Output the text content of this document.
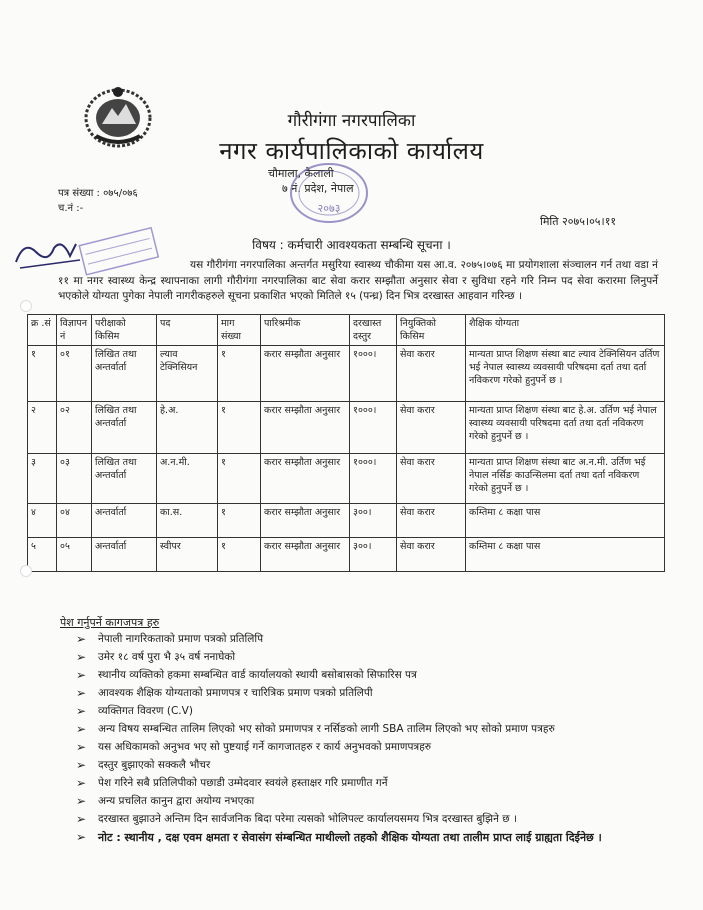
गौरीगंगा नगरपालिका
नगर कार्यपालिकाको कार्यालय
चौमाला, कैलाली
७ नं. प्रदेश, नेपाल
२०७३
पत्र संख्या : ०७५/०७६
च.नं :-
मिति २०७५।०५।११
विषय : कर्मचारी आवश्यकता सम्बन्धि सूचना ।
यस गौरीगंगा नगरपालिका अन्तर्गत मसुरिया स्वास्थ्य चौकीमा यस आ.व. २०७५।०७६ मा प्रयोगशाला संञ्चालन गर्न तथा वडा नं ११ मा नगर स्वास्थ्य केन्द्र स्थापनाका लागी गौरीगंगा नगरपालिका बाट सेवा करार सम्झौता अनुसार सेवा र सुविधा रहने गरि निम्न पद सेवा करारमा लिनुपर्ने भएकोले योग्यता पुगेका नेपाली नागरीकहरुले सूचना प्रकाशित भएको मितिले १५ (पन्ध्र) दिन भित्र दरखास्त आहवान गरिन्छ ।
क्र .सं	विज्ञापन नं	परीक्षाको किसिम	पद	माग संख्या	पारिश्रमीक	दरखास्त दस्तुर	नियुक्तिको किसिम	शैक्षिक योग्यता
१	०१	लिखित तथा अन्तर्वार्ता	ल्याव टेक्निसियन	१	करार सम्झौता अनुसार	१०००।	सेवा करार	मान्यता प्राप्त शिक्षण संस्था बाट ल्याव टेक्निसियन उर्तिण भई नेपाल स्वास्थ्य व्यवसायी परिषदमा दर्ता तथा दर्ता नविकरण गरेको हुनुपर्ने छ ।
२	०२	लिखित तथा अन्तर्वार्ता	हे.अ.	१	करार सम्झौता अनुसार	१०००।	सेवा करार	मान्यता प्राप्त शिक्षण संस्था बाट हे.अ. उर्तिण भई नेपाल स्वास्थ्य व्यवसायी परिषदमा दर्ता तथा दर्ता नविकरण गरेको हुनुपर्ने छ ।
३	०३	लिखित तथा अन्तर्वार्ता	अ.न.मी.	१	करार सम्झौता अनुसार	१०००।	सेवा करार	मान्यता प्राप्त शिक्षण संस्था बाट अ.न.मी. उर्तिण भई नेपाल नर्सिङ काउन्सिलमा दर्ता तथा दर्ता नविकरण गरेको हुनुपर्ने छ ।
४	०४	अन्तर्वार्ता	का.स.	१	करार सम्झौता अनुसार	३००।	सेवा करार	कम्तिमा ८ कक्षा पास
५	०५	अन्तर्वार्ता	स्वीपर	१	करार सम्झौता अनुसार	३००।	सेवा करार	कम्तिमा ८ कक्षा पास
पेश गर्नुपर्ने कागजपत्र हरु
➢ नेपाली नागरिकताको प्रमाण पत्रको प्रतिलिपि
➢ उमेर १८ वर्ष पुरा भै ३५ वर्ष ननाघेको
➢ स्थानीय व्यक्तिको हकमा सम्बन्धित वार्ड कार्यालयको स्थायी बसोबासको सिफारिस पत्र
➢ आवश्यक शैक्षिक योग्यताको प्रमाणपत्र र चारित्रिक प्रमाण पत्रको प्रतिलिपी
➢ व्यक्तिगत विवरण (C.V)
➢ अन्य विषय सम्बन्धित तालिम लिएको भए सोको प्रमाणपत्र र नर्सिङको लागी SBA तालिम लिएको भए सोको प्रमाण पत्रहरु
➢ यस अधिकामको अनुभव भए सो पुष्टयाई गर्ने कागजातहरु र कार्य अनुभवको प्रमाणपत्रहरु
➢ दस्तुर बुझाएको सक्कलै भौचर
➢ पेश गरिने सबै प्रतिलिपीको पछाडी उम्मेदवार स्वयंले हस्ताक्षर गरि प्रमाणीत गर्ने
➢ अन्य प्रचलित कानुन द्वारा अयोग्य नभएका
➢ दरखास्त बुझाउने अन्तिम दिन सार्वजनिक बिदा परेमा त्यसको भोलिपल्ट कार्यालयसमय भित्र दरखास्त बुझिने छ ।
➢ नोट : स्थानीय , दक्ष एवम क्षमता र सेवासंग संम्बन्धित माथील्लो तहको शैक्षिक योग्यता तथा तालीम प्राप्त लाई ग्राह्यता दिईनेछ ।
